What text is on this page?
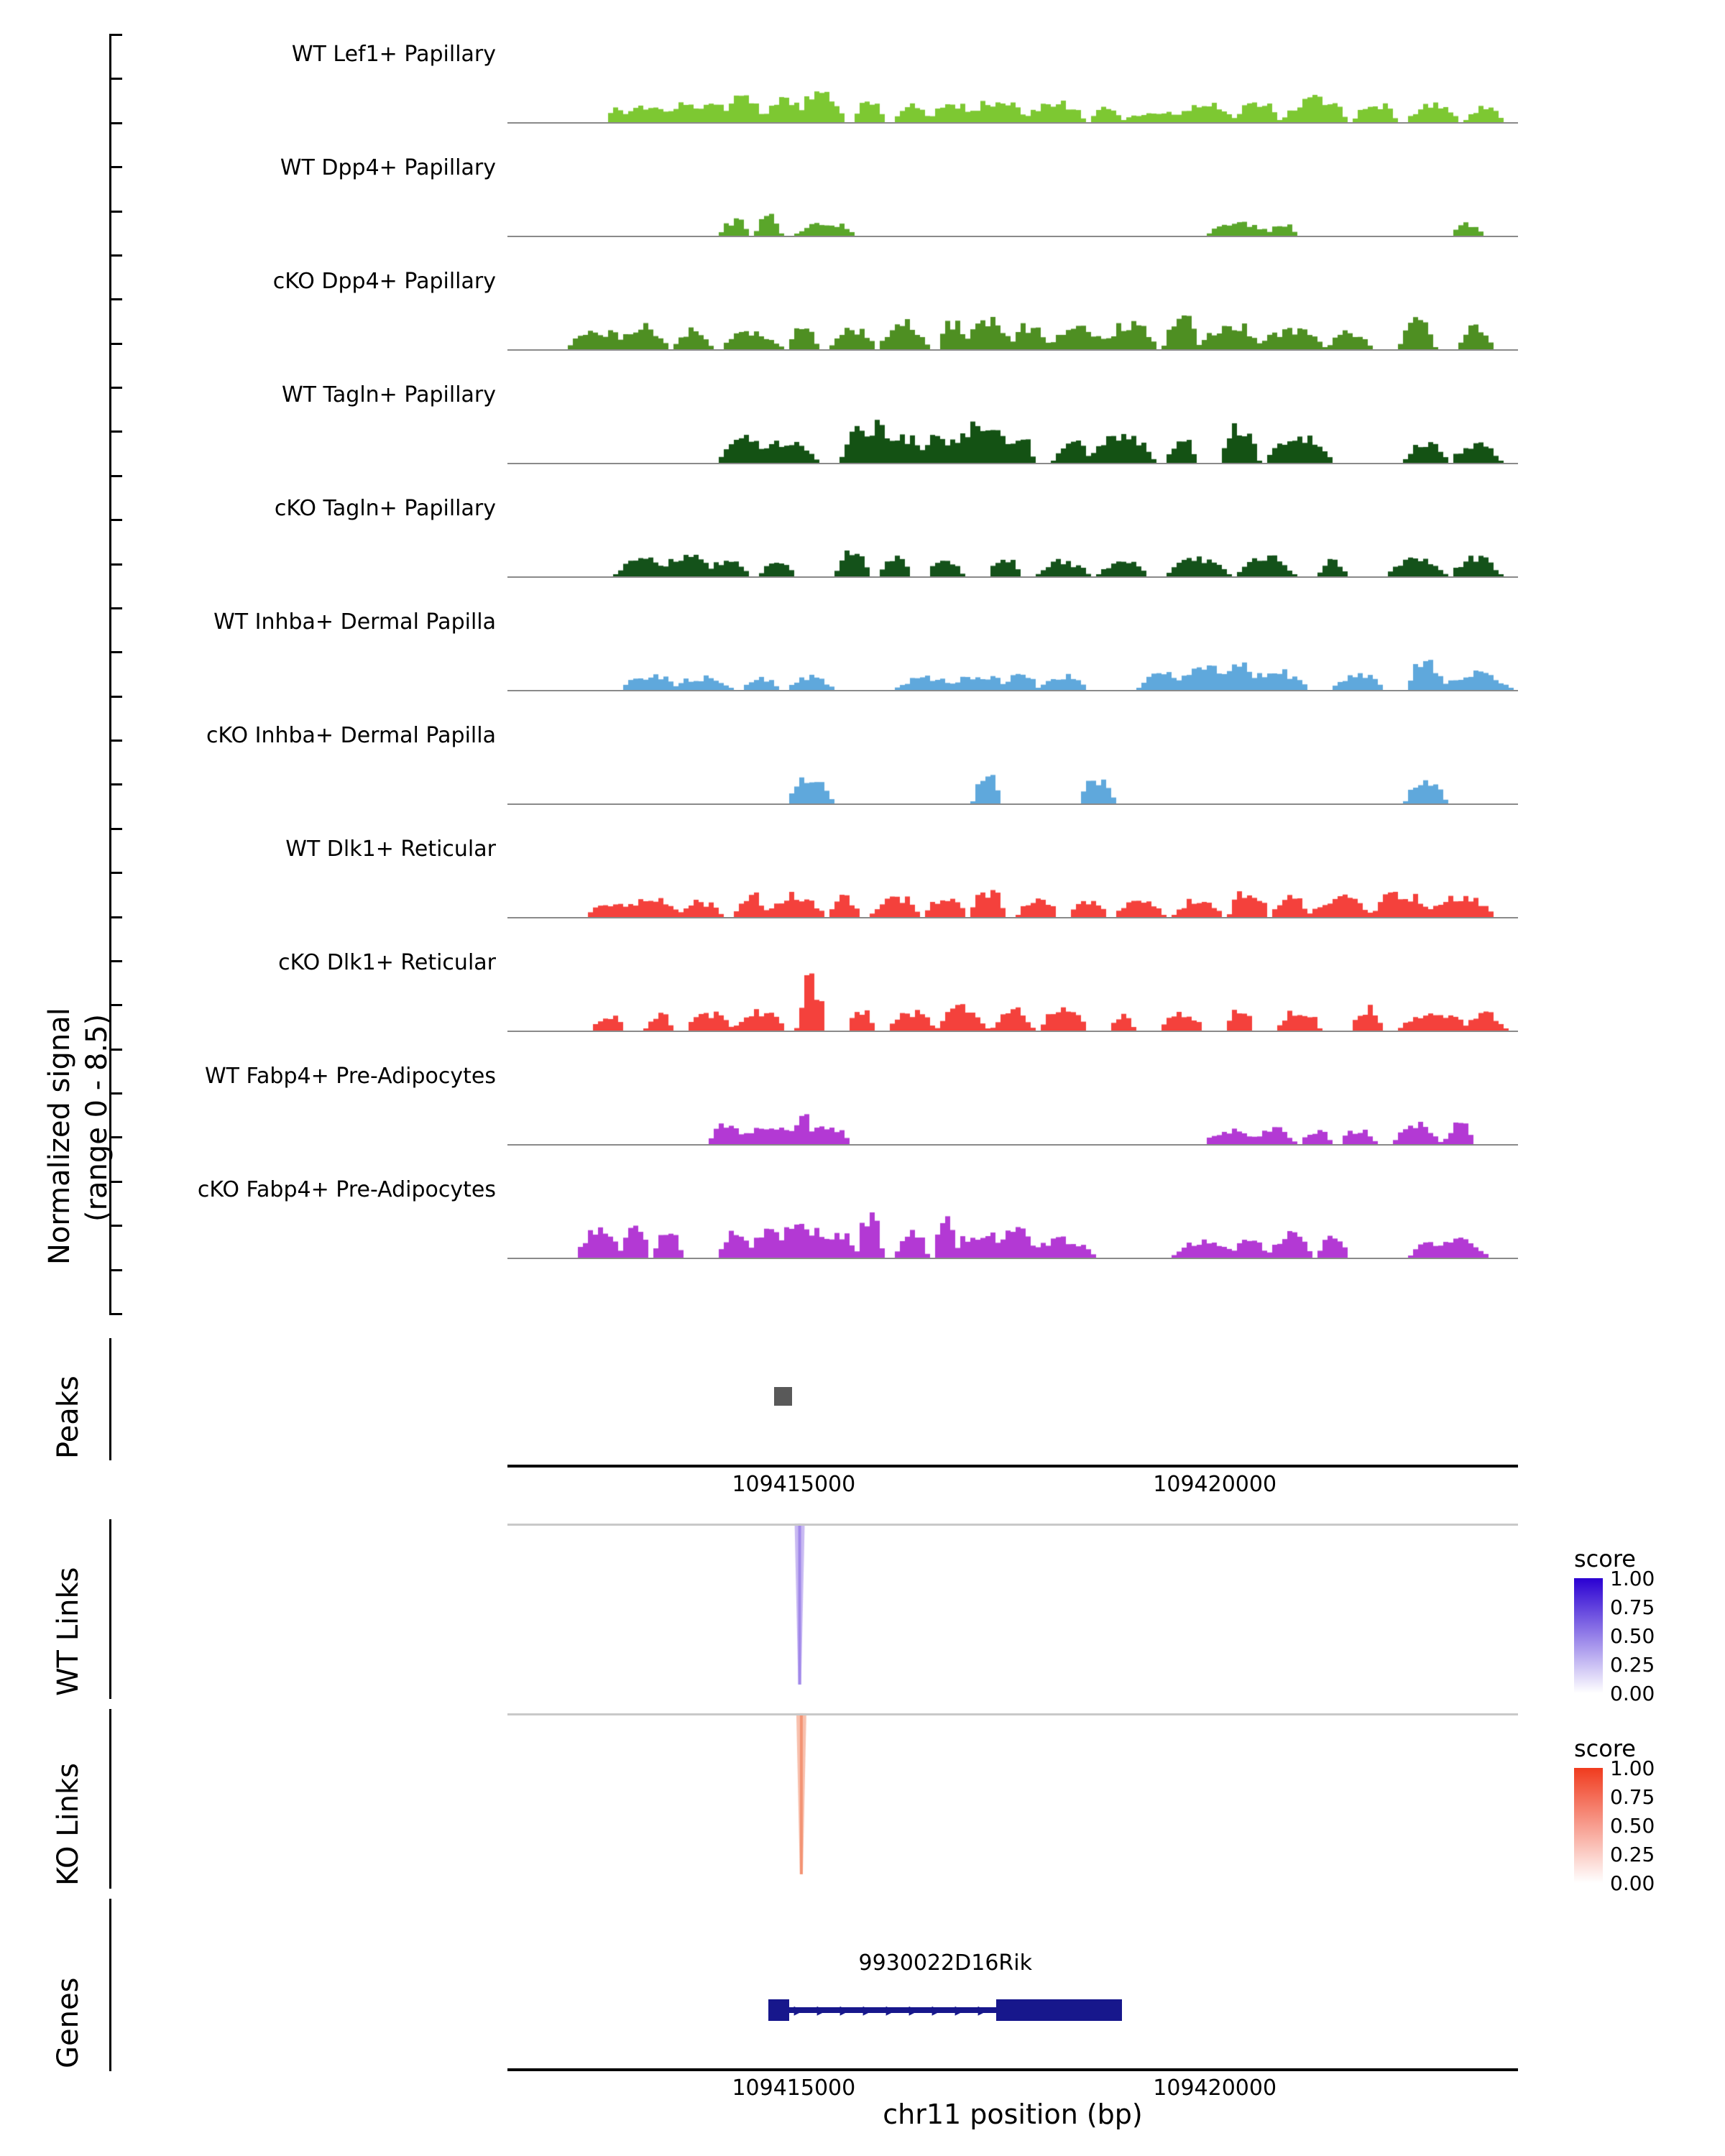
Normalized signal (range 0 - 8.5)
WT Lef1+ Papillary
WT Dpp4+ Papillary
cKO Dpp4+ Papillary
WT Tagln+ Papillary
cKO Tagln+ Papillary
WT Inhba+ Dermal Papilla
cKO Inhba+ Dermal Papilla
WT Dlk1+ Reticular
cKO Dlk1+ Reticular
WT Fabp4+ Pre-Adipocytes
cKO Fabp4+ Pre-Adipocytes
Peaks
109415000	109420000
WT Links
KO Links
Genes
9930022D16Rik
▸ ▸ ▸ ▸ ▸ ▸ ▸ ▸ ▸
109415000	109420000
chr11 position (bp)
score
1.00
0.75
0.50
0.25
0.00
score
1.00
0.75
0.50
0.25
0.00
